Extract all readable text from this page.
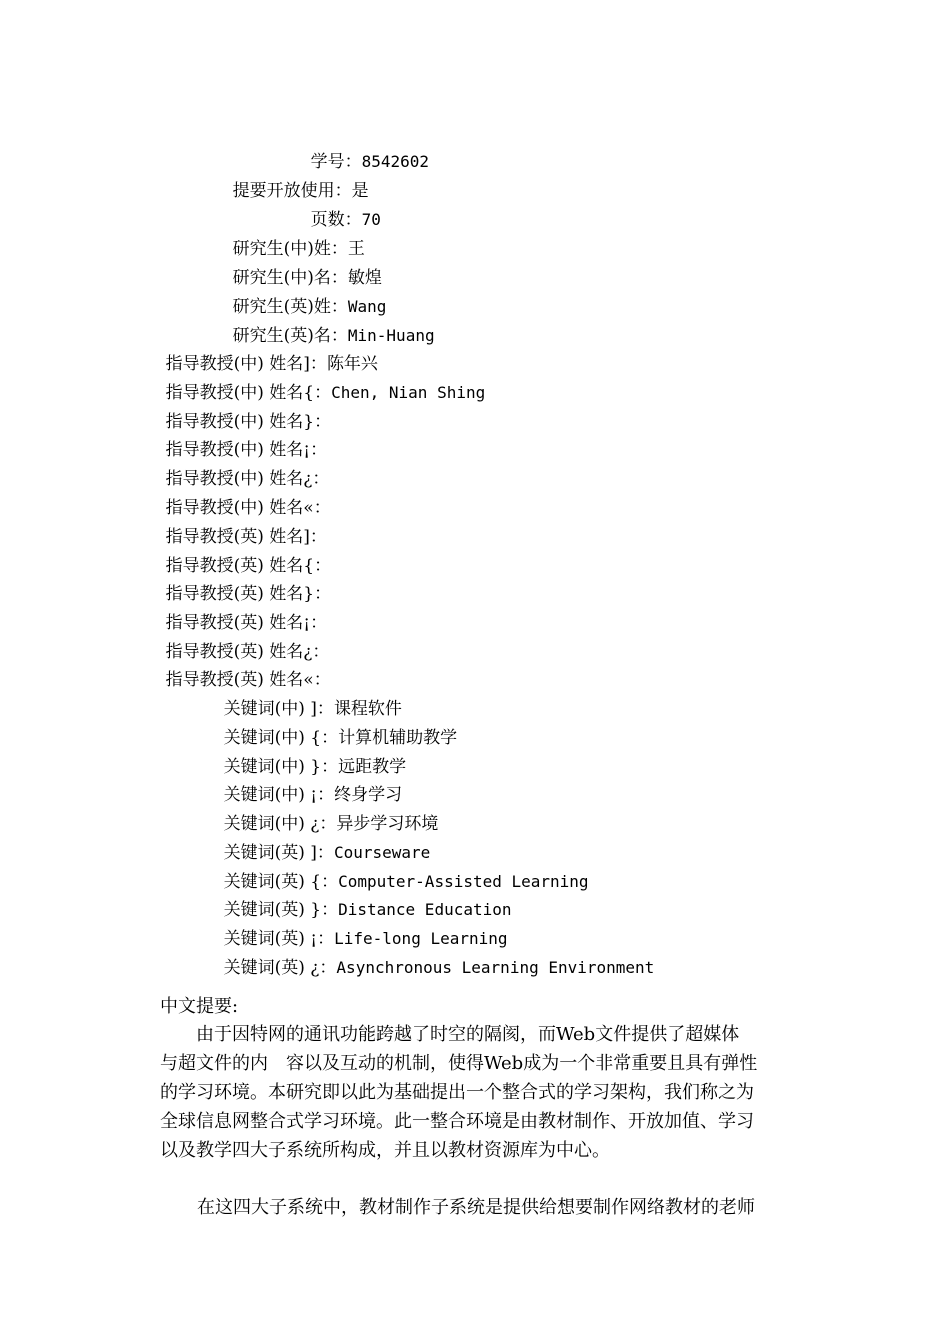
学号：8542602

提要开放使用：是

页数：70

研究生(中)姓：王

研究生(中)名：敏煌

研究生(英)姓：Wang

研究生(英)名：Min-Huang

指导教授(中) 姓名]：陈年兴

指导教授(中) 姓名{：Chen, Nian Shing

指导教授(中) 姓名}：

指导教授(中) 姓名¡：

指导教授(中) 姓名¿：

指导教授(中) 姓名«：

指导教授(英) 姓名]：

指导教授(英) 姓名{：

指导教授(英) 姓名}：

指导教授(英) 姓名¡：

指导教授(英) 姓名¿：

指导教授(英) 姓名«：

关键词(中) ]：课程软件

关键词(中) {：计算机辅助教学

关键词(中) }：远距教学

关键词(中) ¡：终身学习

关键词(中) ¿：异步学习环境

关键词(英) ]：Courseware

关键词(英) {：Computer-Assisted Learning

关键词(英) }：Distance Education

关键词(英) ¡：Life-long Learning

关键词(英) ¿：Asynchronous Learning Environment

中文提要:
　　由于因特网的通讯功能跨越了时空的隔阂，而Web文件提供了超媒体
与超文件的内　容以及互动的机制，使得Web成为一个非常重要且具有弹性
的学习环境。本研究即以此为基础提出一个整合式的学习架构，我们称之为
全球信息网整合式学习环境。此一整合环境是由教材制作、开放加值、学习
以及教学四大子系统所构成，并且以教材资源库为中心。
在这四大子系统中，教材制作子系统是提供给想要制作网络教材的老师
